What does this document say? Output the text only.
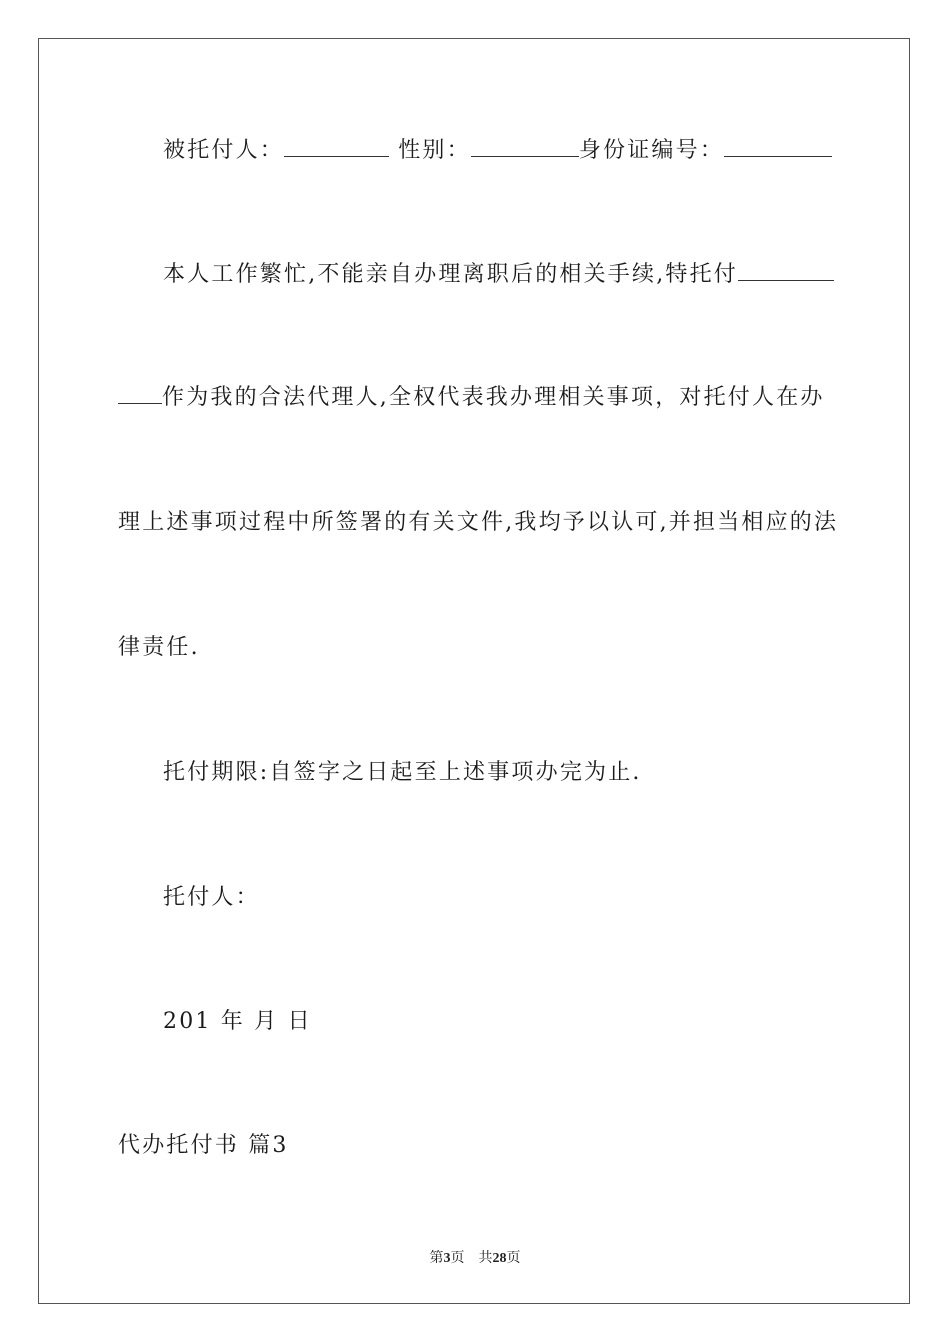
被托付人：	性别：	身份证编号：
本人工作繁忙,不能亲自办理离职后的相关手续,特托付
作为我的合法代理人,全权代表我办理相关事项，对托付人在办
理上述事项过程中所签署的有关文件,我均予以认可,并担当相应的法
律责任.
托付期限:自签字之日起至上述事项办完为止.
托付人：
201 年 月 日
代办托付书 篇3
第3页 共28页
